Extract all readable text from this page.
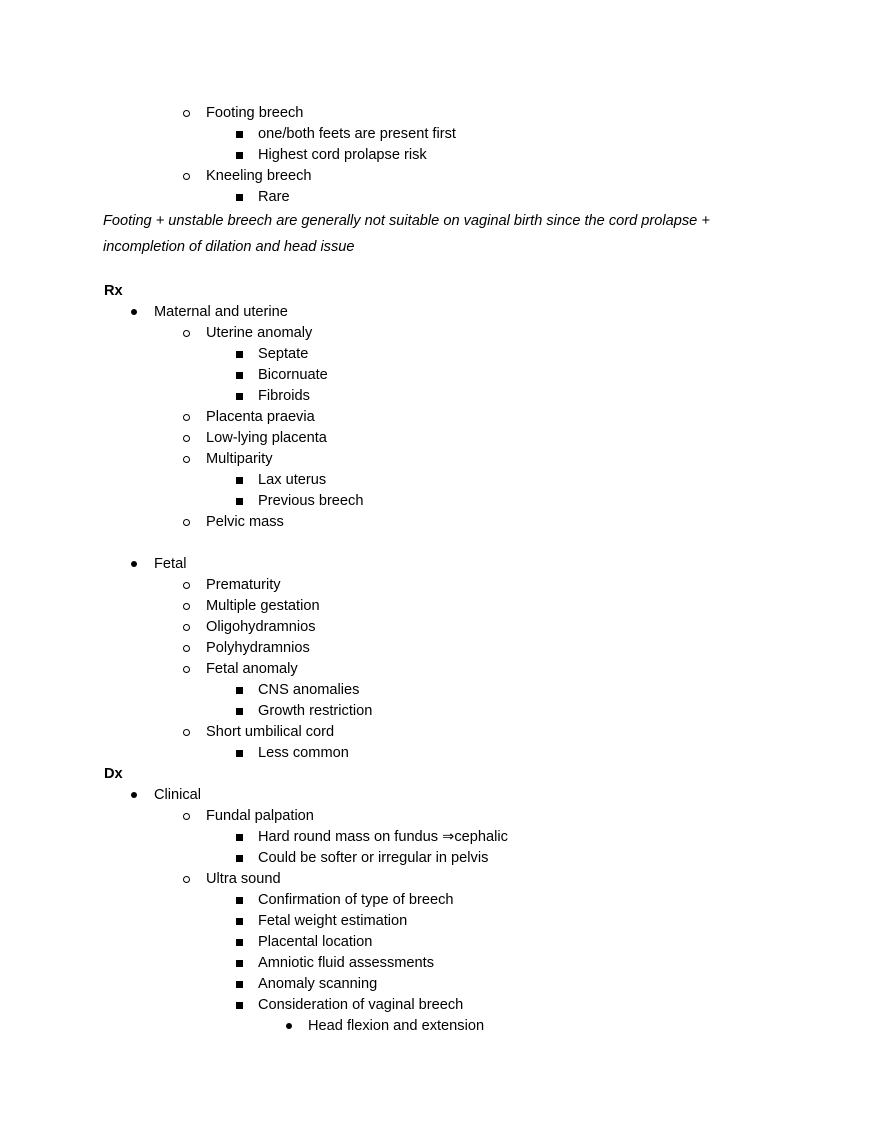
Footing breech
one/both feets are present first
Highest cord prolapse risk
Kneeling breech
Rare
Footing + unstable breech are generally not suitable on vaginal birth since the cord prolapse + incompletion of dilation and head issue
Rx
Maternal and uterine
Uterine anomaly
Septate
Bicornuate
Fibroids
Placenta praevia
Low-lying placenta
Multiparity
Lax uterus
Previous breech
Pelvic mass
Fetal
Prematurity
Multiple gestation
Oligohydramnios
Polyhydramnios
Fetal anomaly
CNS anomalies
Growth restriction
Short umbilical cord
Less common
Dx
Clinical
Fundal palpation
Hard round mass on fundus ⇒cephalic
Could be softer or irregular in pelvis
Ultra sound
Confirmation of type of breech
Fetal weight estimation
Placental location
Amniotic fluid assessments
Anomaly scanning
Consideration of vaginal breech
Head flexion and extension
